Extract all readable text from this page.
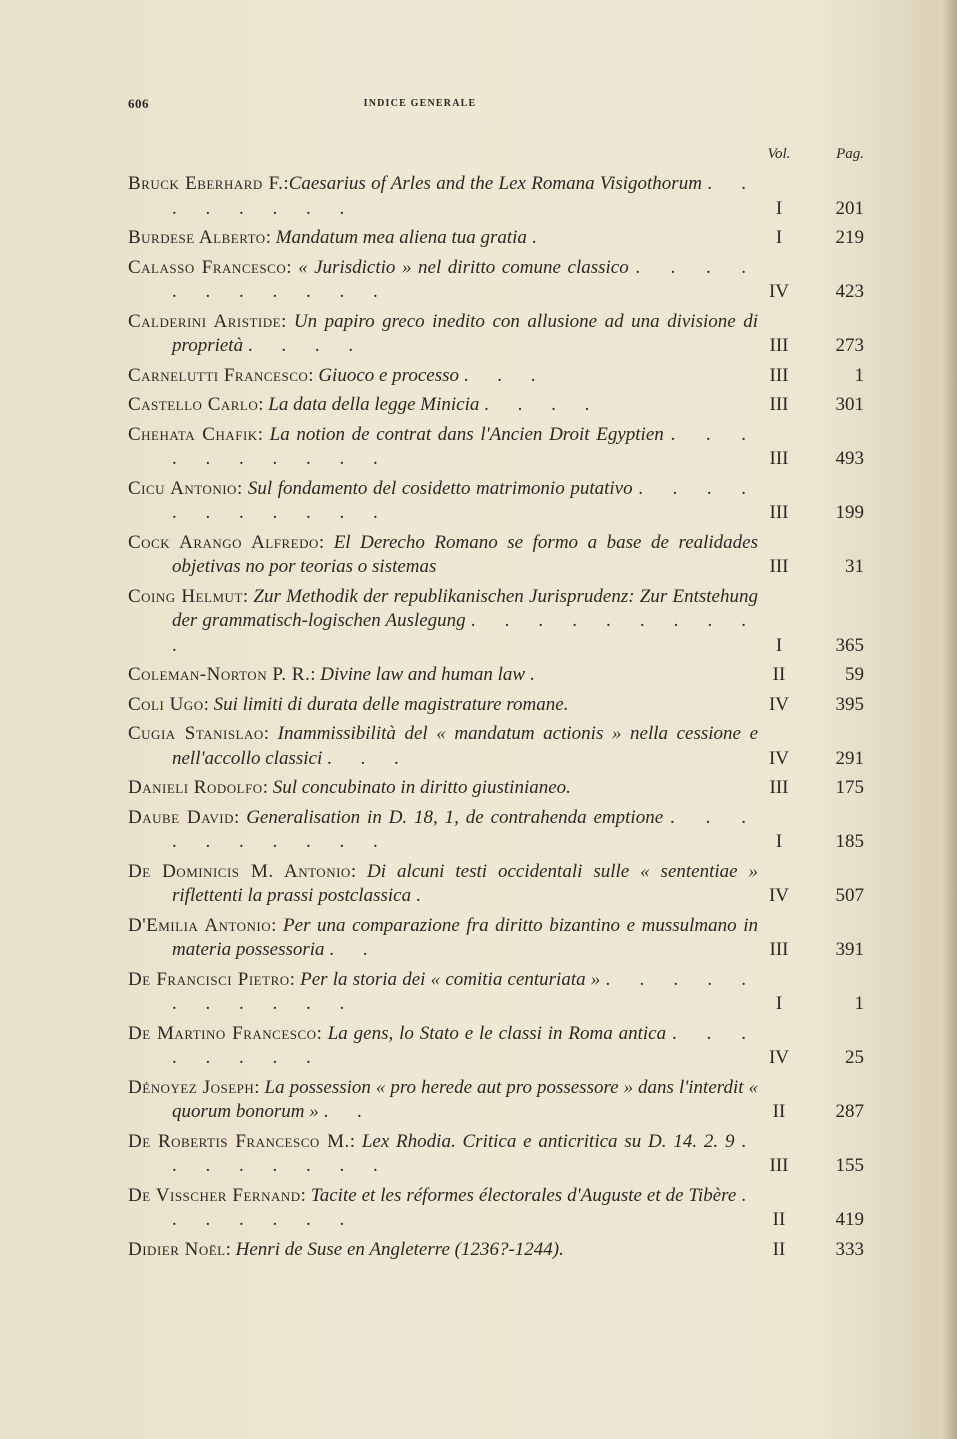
606	INDICE GENERALE
Vol.	Pag.
Bruck Eberhard F.:Caesarius of Arles and the Lex Romana Visigothorum . . . . . . . .	I	201
Burdese Alberto: Mandatum mea aliena tua gratia .	I	219
Calasso Francesco: « Jurisdictio » nel diritto comune classico . . . . . . . . . . .	IV	423
Calderini Aristide: Un papiro greco inedito con allusione ad una divisione di proprietà . . . .	III	273
Carnelutti Francesco: Giuoco e processo . . .	III	1
Castello Carlo: La data della legge Minicia . . . .	III	301
Chehata Chafik: La notion de contrat dans l'Ancien Droit Egyptien . . . . . . . . . .	III	493
Cicu Antonio: Sul fondamento del cosidetto matrimonio putativo . . . . . . . . . . .	III	199
Cock Arango Alfredo: El Derecho Romano se formo a base de realidades objetivas no por teorias o sistemas	III	31
Coing Helmut: Zur Methodik der republikanischen Jurisprudenz: Zur Entstehung der grammatisch-logischen Auslegung . . . . . . . . . .	I	365
Coleman-Norton P. R.: Divine law and human law .	II	59
Coli Ugo: Sui limiti di durata delle magistrature romane.	IV	395
Cugia Stanislao: Inammissibilità del « mandatum actionis » nella cessione e nell'accollo classici . . .	IV	291
Danieli Rodolfo: Sul concubinato in diritto giustinianeo.	III	175
Daube David: Generalisation in D. 18, 1, de contrahenda emptione . . . . . . . . . .	I	185
De Dominicis M. Antonio: Di alcuni testi occidentali sulle « sententiae » riflettenti la prassi postclassica .	IV	507
D'Emilia Antonio: Per una comparazione fra diritto bizantino e mussulmano in materia possessoria . .	III	391
De Francisci Pietro: Per la storia dei « comitia centuriata » . . . . . . . . . . .	I	1
De Martino Francesco: La gens, lo Stato e le classi in Roma antica . . . . . . . .	IV	25
Dénoyez Joseph: La possession « pro herede aut pro possessore » dans l'interdit « quorum bonorum » . .	II	287
De Robertis Francesco M.: Lex Rhodia. Critica e anticritica su D. 14. 2. 9 . . . . . . . .	III	155
De Visscher Fernand: Tacite et les réformes électorales d'Auguste et de Tibère . . . . . . .	II	419
Didier Noël: Henri de Suse en Angleterre (1236?-1244).	II	333
